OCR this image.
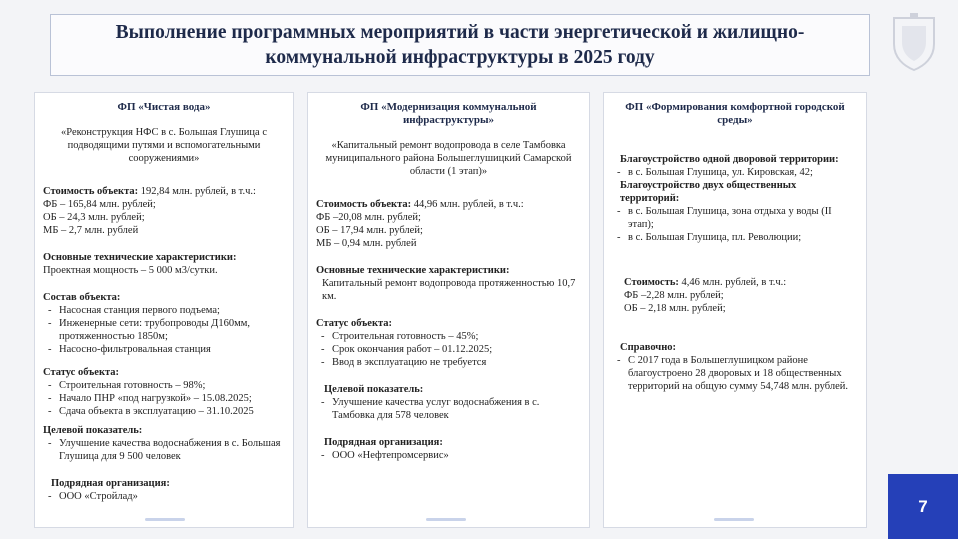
Выполнение программных мероприятий в части энергетической и жилищно-коммунальной инфраструктуры в 2025 году
ФП «Чистая вода»

«Реконструкция НФС в с. Большая Глушица с подводящими путями и вспомогательными сооружениями»

Стоимость объекта: 192,84 млн. рублей, в т.ч.:

ФБ – 165,84 млн. рублей;

ОБ – 24,3 млн. рублей;

МБ – 2,7 млн. рублей

Основные технические характеристики:

Проектная мощность – 5 000 м3/сутки.

Состав объекта:

- Насосная станция первого подъема;
- Инженерные сети: трубопроводы Д160мм, протяженностью 1850м;
- Насосно-фильтровальная станция

Статус объекта:

- Строительная готовность – 98%;
- Начало ПНР «под нагрузкой» – 15.08.2025;
- Сдача объекта в эксплуатацию – 31.10.2025

Целевой показатель:

- Улучшение качества водоснабжения в с. Большая Глушица для 9 500 человек

Подрядная организация:

- ООО «Стройлад»
ФП «Модернизация коммунальной инфраструктуры»

«Капитальный ремонт водопровода в селе Тамбовка муниципального района Большеглушицкий Самарской области (1 этап)»

Стоимость объекта: 44,96 млн. рублей, в т.ч.:

ФБ –20,08 млн. рублей;

ОБ – 17,94 млн. рублей;

МБ – 0,94 млн. рублей

Основные технические характеристики:

Капитальный ремонт водопровода протяженностью 10,7 км.

Статус объекта:

- Строительная готовность – 45%;
- Срок окончания работ – 01.12.2025;
- Ввод в эксплуатацию не требуется

Целевой показатель:

- Улучшение качества услуг водоснабжения в с. Тамбовка для 578 человек

Подрядная организация:

- ООО «Нефтепромсервис»
ФП «Формирования комфортной городской среды»

Благоустройство одной дворовой территории:

- в с. Большая Глушица, ул. Кировская, 42;

Благоустройство двух общественных территорий:

- в с. Большая Глушица, зона отдыха у воды (II этап);
- в с. Большая Глушица, пл. Революции;

Стоимость: 4,46 млн. рублей, в т.ч.:

ФБ –2,28 млн. рублей;

ОБ – 2,18 млн. рублей;

Справочно:

- С 2017 года в Большеглушицком районе благоустроено 28 дворовых и 18 общественных территорий на общую сумму 54,748 млн. рублей.
7
